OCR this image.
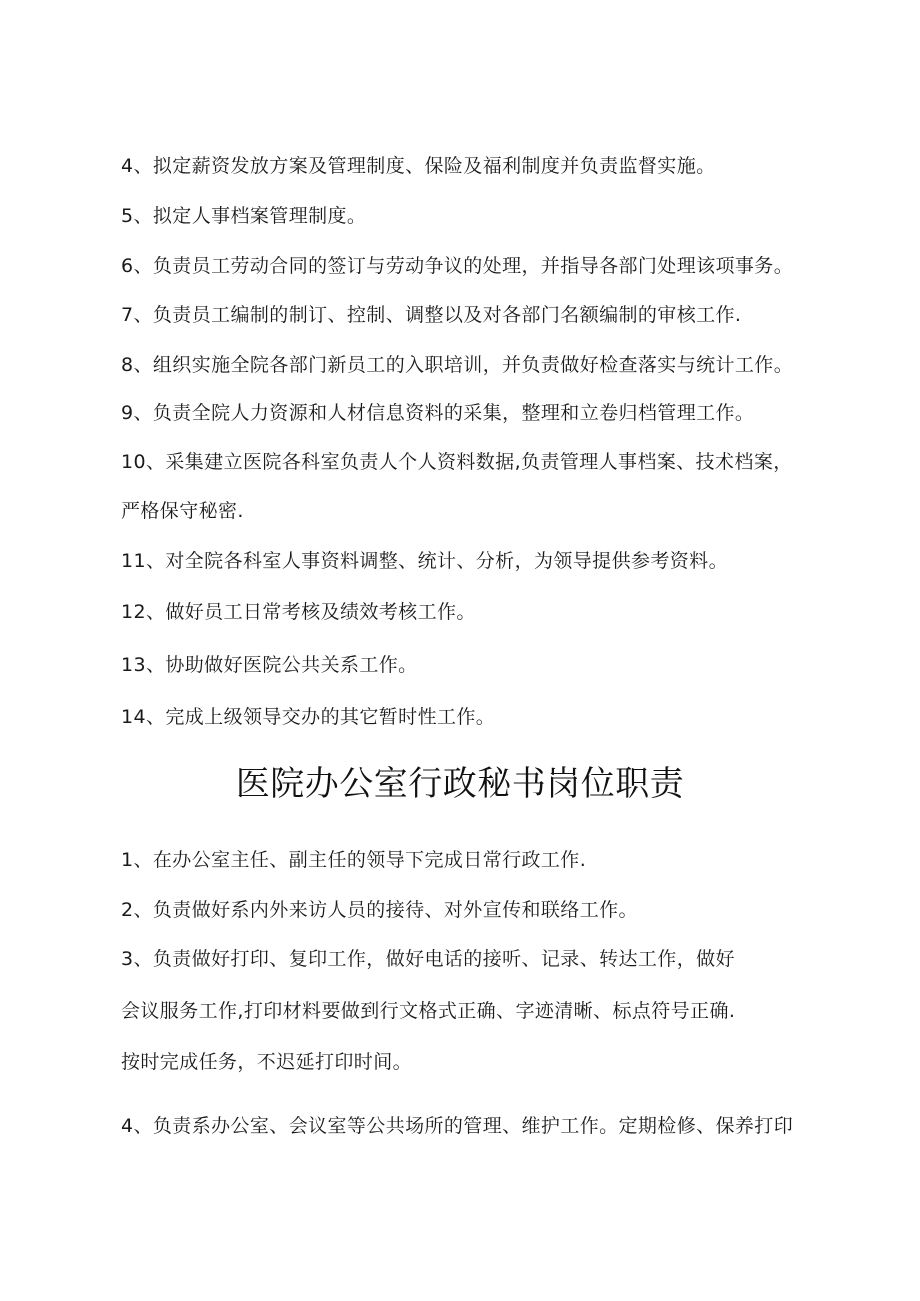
4、拟定薪资发放方案及管理制度、保险及福利制度并负责监督实施。
5、拟定人事档案管理制度。
6、负责员工劳动合同的签订与劳动争议的处理，并指导各部门处理该项事务。
7、负责员工编制的制订、控制、调整以及对各部门名额编制的审核工作.
8、组织实施全院各部门新员工的入职培训，并负责做好检查落实与统计工作。
9、负责全院人力资源和人材信息资料的采集，整理和立卷归档管理工作。
10、采集建立医院各科室负责人个人资料数据,负责管理人事档案、技术档案，
严格保守秘密.
11、对全院各科室人事资料调整、统计、分析，为领导提供参考资料。
12、做好员工日常考核及绩效考核工作。
13、协助做好医院公共关系工作。
14、完成上级领导交办的其它暂时性工作。
医院办公室行政秘书岗位职责
1、在办公室主任、副主任的领导下完成日常行政工作.
2、负责做好系内外来访人员的接待、对外宣传和联络工作。
3、负责做好打印、复印工作，做好电话的接听、记录、转达工作，做好
会议服务工作,打印材料要做到行文格式正确、字迹清晰、标点符号正确.
按时完成任务，不迟延打印时间。
4、负责系办公室、会议室等公共场所的管理、维护工作。定期检修、保养打印
